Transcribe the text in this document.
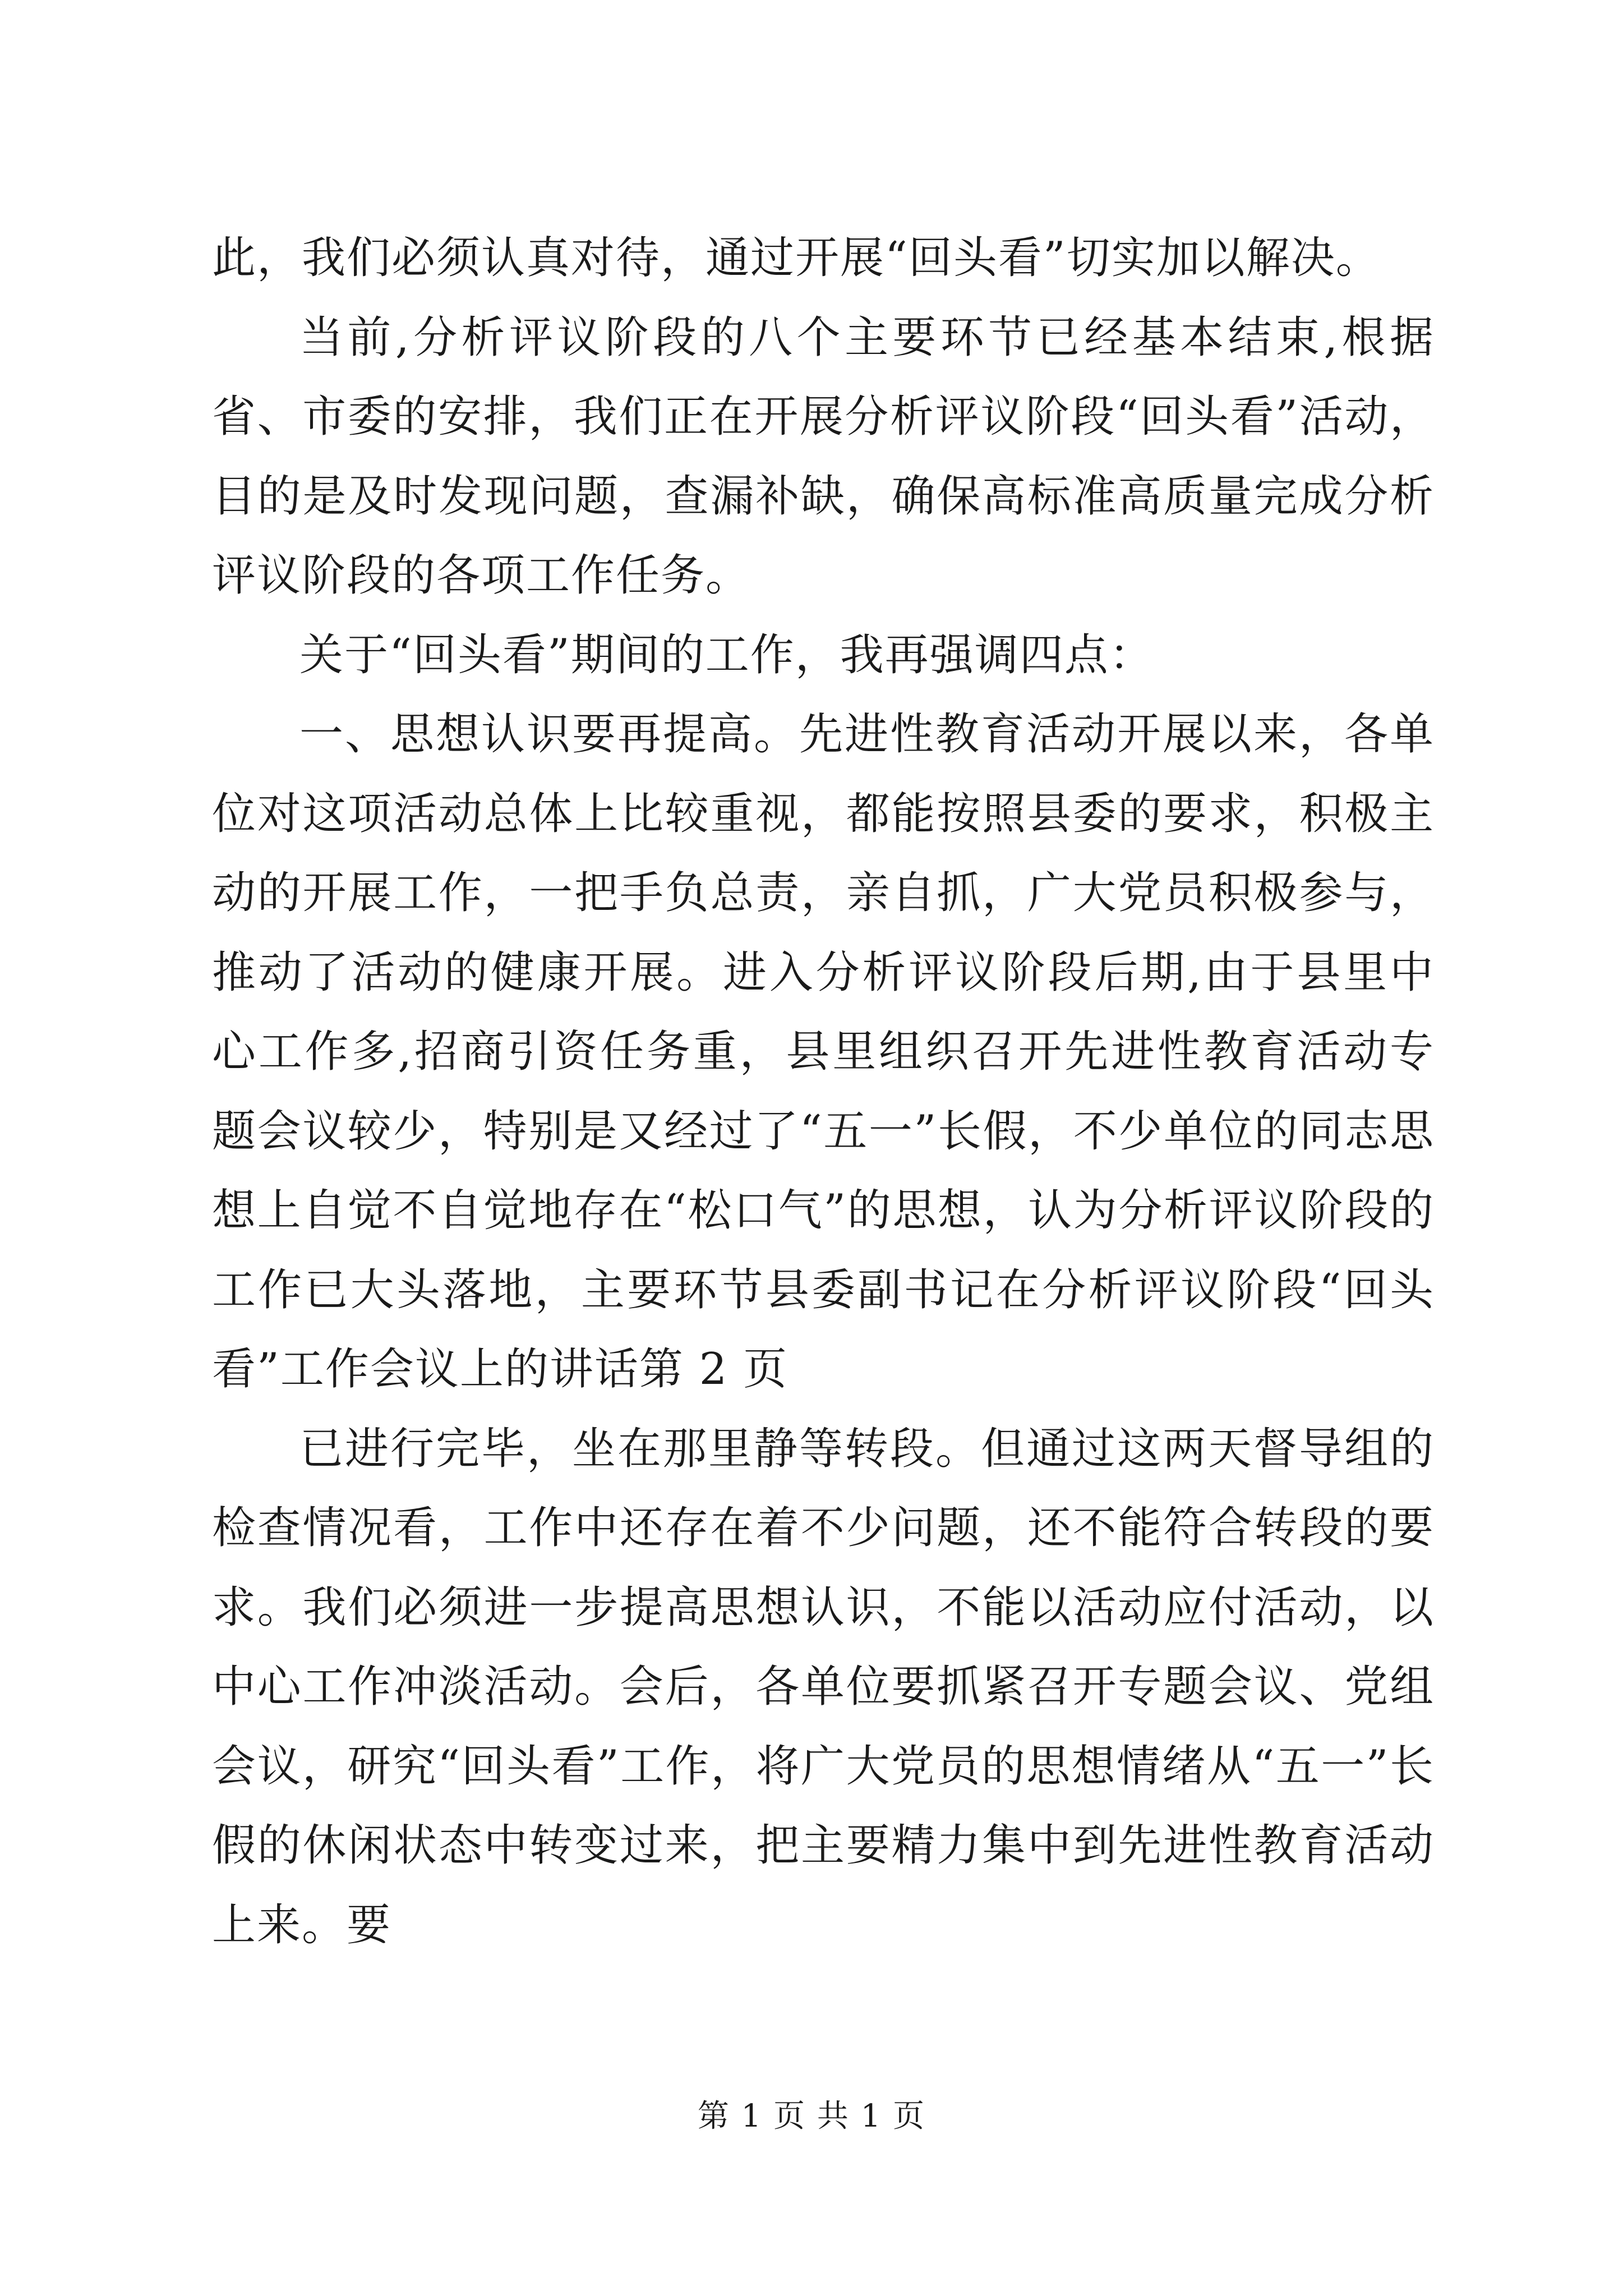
此，我们必须认真对待，通过开展“回头看”切实加以解决。

当前,分析评议阶段的八个主要环节已经基本结束,根据省、市委的安排，我们正在开展分析评议阶段“回头看”活动，目的是及时发现问题，查漏补缺，确保高标准高质量完成分析评议阶段的各项工作任务。

关于“回头看”期间的工作，我再强调四点：

一、思想认识要再提高。先进性教育活动开展以来，各单位对这项活动总体上比较重视，都能按照县委的要求，积极主动的开展工作，一把手负总责，亲自抓，广大党员积极参与，推动了活动的健康开展。进入分析评议阶段后期,由于县里中心工作多,招商引资任务重，县里组织召开先进性教育活动专题会议较少，特别是又经过了“五一”长假，不少单位的同志思想上自觉不自觉地存在“松口气”的思想，认为分析评议阶段的工作已大头落地，主要环节县委副书记在分析评议阶段“回头看”工作会议上的讲话第 2 页

已进行完毕，坐在那里静等转段。但通过这两天督导组的检查情况看，工作中还存在着不少问题，还不能符合转段的要求。我们必须进一步提高思想认识，不能以活动应付活动，以中心工作冲淡活动。会后，各单位要抓紧召开专题会议、党组会议，研究“回头看”工作，将广大党员的思想情绪从“五一”长假的休闲状态中转变过来，把主要精力集中到先进性教育活动上来。要

第 1 页 共 1 页
